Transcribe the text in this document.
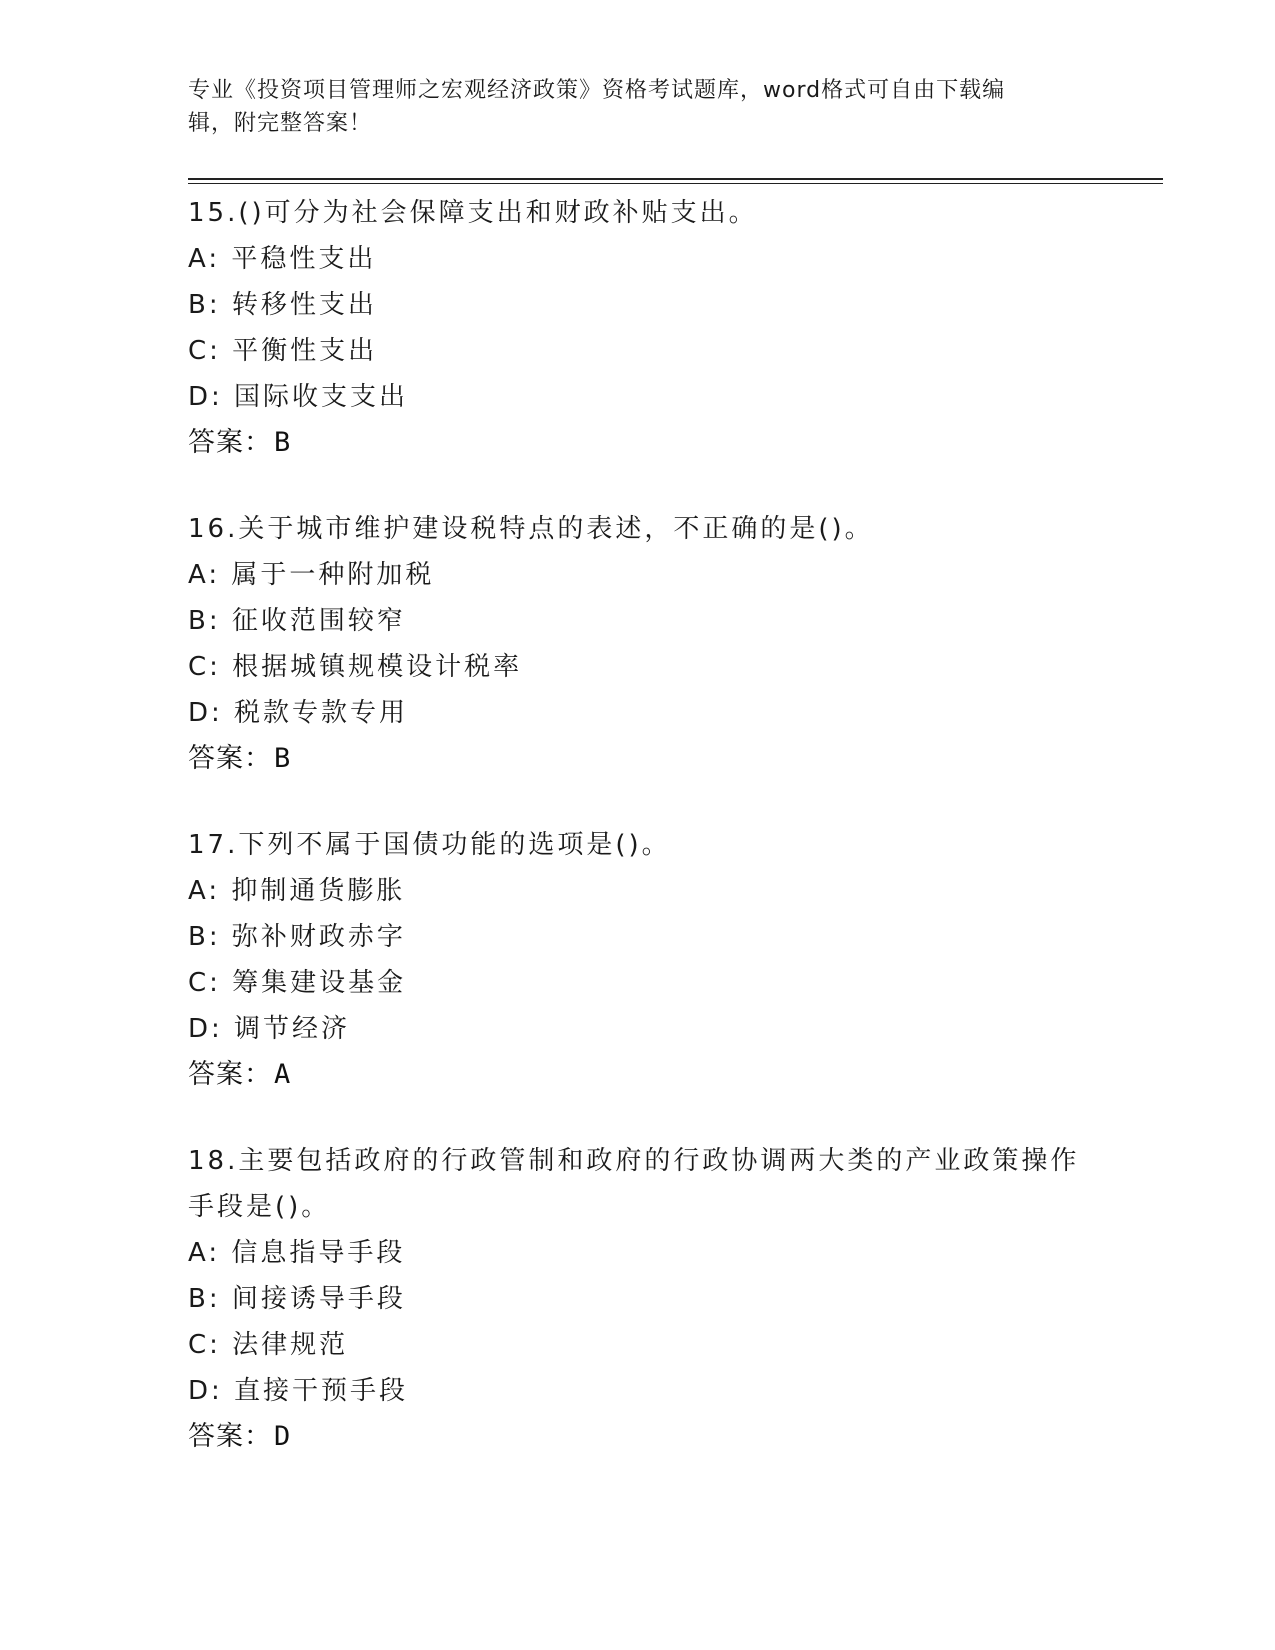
专业《投资项目管理师之宏观经济政策》资格考试题库，word格式可自由下载编
辑，附完整答案！
15.()可分为社会保障支出和财政补贴支出。
A: 平稳性支出
B: 转移性支出
C: 平衡性支出
D: 国际收支支出
答案：B
16.关于城市维护建设税特点的表述，不正确的是()。
A: 属于一种附加税
B: 征收范围较窄
C: 根据城镇规模设计税率
D: 税款专款专用
答案：B
17.下列不属于国债功能的选项是()。
A: 抑制通货膨胀
B: 弥补财政赤字
C: 筹集建设基金
D: 调节经济
答案：A
18.主要包括政府的行政管制和政府的行政协调两大类的产业政策操作手段是()。
A: 信息指导手段
B: 间接诱导手段
C: 法律规范
D: 直接干预手段
答案：D
